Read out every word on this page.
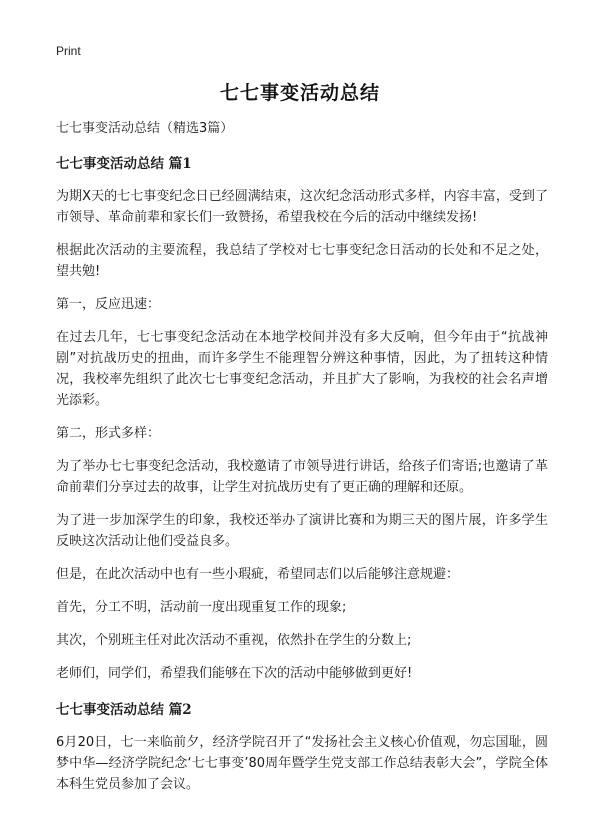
Print
七七事变活动总结

七七事变活动总结（精选3篇）

七七事变活动总结 篇1

为期X天的七七事变纪念日已经圆满结束，这次纪念活动形式多样，内容丰富，受到了市领导、革命前辈和家长们一致赞扬，希望我校在今后的活动中继续发扬!

根据此次活动的主要流程，我总结了学校对七七事变纪念日活动的长处和不足之处，望共勉!

第一，反应迅速：

在过去几年，七七事变纪念活动在本地学校间并没有多大反响，但今年由于“抗战神剧”对抗战历史的扭曲，而许多学生不能理智分辨这种事情，因此，为了扭转这种情况，我校率先组织了此次七七事变纪念活动，并且扩大了影响，为我校的社会名声增光添彩。

第二，形式多样：

为了举办七七事变纪念活动，我校邀请了市领导进行讲话，给孩子们寄语;也邀请了革命前辈们分享过去的故事，让学生对抗战历史有了更正确的理解和还原。

为了进一步加深学生的印象，我校还举办了演讲比赛和为期三天的图片展，许多学生反映这次活动让他们受益良多。

但是，在此次活动中也有一些小瑕疵，希望同志们以后能够注意规避：

首先，分工不明，活动前一度出现重复工作的现象;

其次，个别班主任对此次活动不重视，依然扑在学生的分数上;

老师们，同学们，希望我们能够在下次的活动中能够做到更好!

七七事变活动总结 篇2

6月20日，七一来临前夕，经济学院召开了“发扬社会主义核心价值观，勿忘国耻，圆梦中华—经济学院纪念‘七七事变’80周年暨学生党支部工作总结表彰大会”，学院全体本科生党员参加了会议。
